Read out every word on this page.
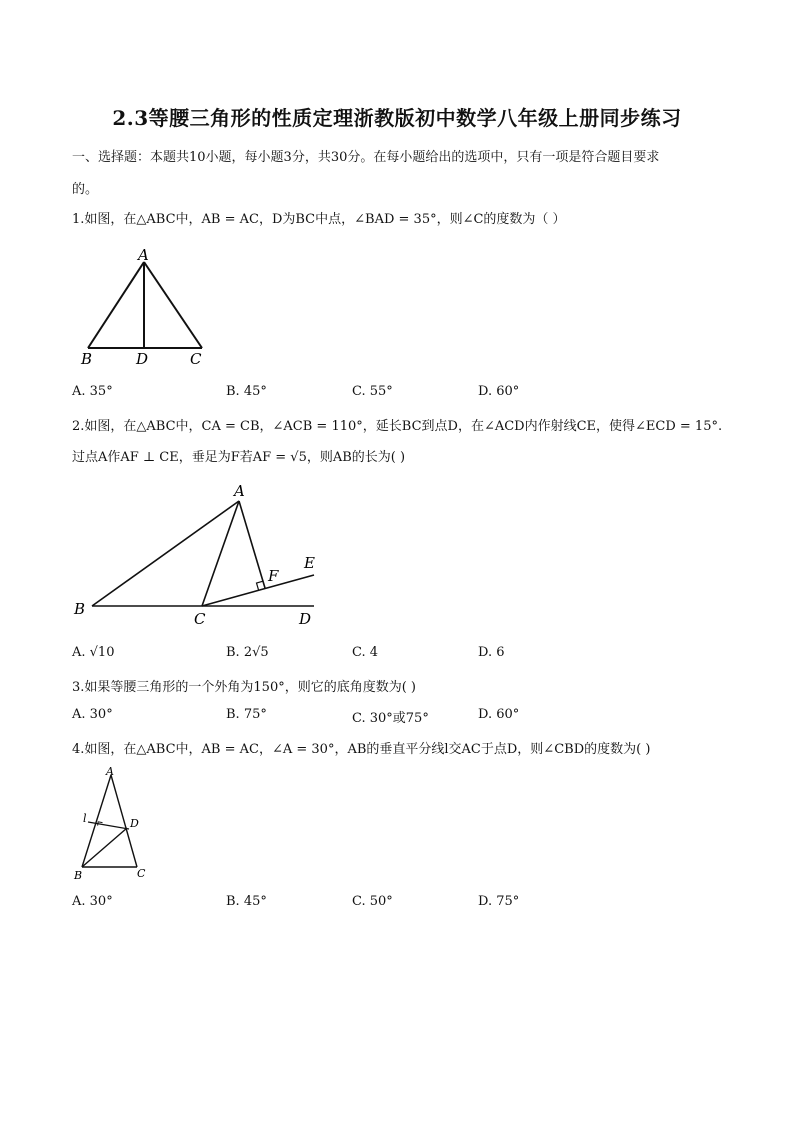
2.3等腰三角形的性质定理浙教版初中数学八年级上册同步练习
一、选择题：本题共10小题，每小题3分，共30分。在每小题给出的选项中，只有一项是符合题目要求
的。
1.如图，在△ABC中，AB = AC，D为BC中点，∠BAD = 35°，则∠C的度数为（ ）
A
B	D	C
A. 35°	B. 45°	C. 55°	D. 60°
2.如图，在△ABC中，CA = CB，∠ACB = 110°，延长BC到点D，在∠ACD内作射线CE，使得∠ECD = 15°.
过点A作AF ⊥ CE，垂足为F若AF = √5，则AB的长为( )
A
B
C	D
E
F
A. √10	B. 2√5	C. 4	D. 6
3.如果等腰三角形的一个外角为150°，则它的底角度数为( )
A. 30°	B. 75°	C. 30°或75°	D. 60°
4.如图，在△ABC中，AB = AC，∠A = 30°，AB的垂直平分线l交AC于点D，则∠CBD的度数为( )
A
l	D
B	C
A. 30°	B. 45°	C. 50°	D. 75°
